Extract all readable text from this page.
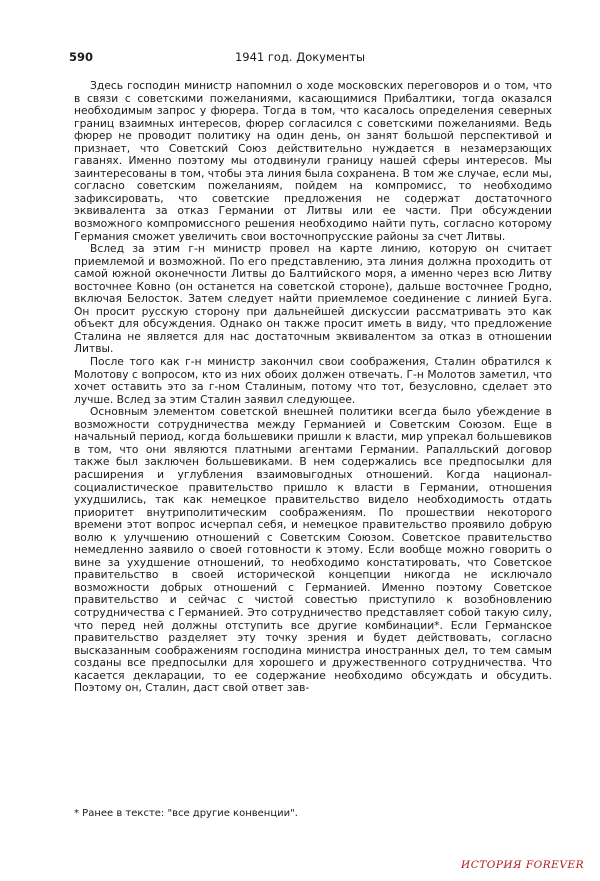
590	1941 год. Документы

Здесь господин министр напомнил о ходе московских переговоров и о том, что в связи с советскими пожеланиями, касающимися Прибалтики, тогда оказался необходимым запрос у фюрера. Тогда в том, что касалось определения северных границ взаимных интересов, фюрер согласился с советскими пожеланиями. Ведь фюрер не проводит политику на один день, он занят большой перспективой и признает, что Советский Союз действительно нуждается в незамерзающих гаванях. Именно поэтому мы отодвинули границу нашей сферы интересов. Мы заинтересованы в том, чтобы эта линия была сохранена. В том же случае, если мы, согласно советским пожеланиям, пойдем на компромисс, то необходимо зафиксировать, что советские предложения не содержат достаточного эквивалента за отказ Германии от Литвы или ее части. При обсуждении возможного компромиссного решения необходимо найти путь, согласно которому Германия сможет увеличить свои восточнопрусские районы за счет Литвы.

Вслед за этим г-н министр провел на карте линию, которую он считает приемлемой и возможной. По его представлению, эта линия должна проходить от самой южной оконечности Литвы до Балтийского моря, а именно через всю Литву восточнее Ковно (он останется на советской стороне), дальше восточнее Гродно, включая Белосток. Затем следует найти приемлемое соединение с линией Буга. Он просит русскую сторону при дальнейшей дискуссии рассматривать это как объект для обсуждения. Однако он также просит иметь в виду, что предложение Сталина не является для нас достаточным эквивалентом за отказ в отношении Литвы.

После того как г-н министр закончил свои соображения, Сталин обратился к Молотову с вопросом, кто из них обоих должен отвечать. Г-н Молотов заметил, что хочет оставить это за г-ном Сталиным, потому что тот, безусловно, сделает это лучше. Вслед за этим Сталин заявил следующее.

Основным элементом советской внешней политики всегда было убеждение в возможности сотрудничества между Германией и Советским Союзом. Еще в начальный период, когда большевики пришли к власти, мир упрекал большевиков в том, что они являются платными агентами Германии. Рапалльский договор также был заключен большевиками. В нем содержались все предпосылки для расширения и углубления взаимовыгодных отношений. Когда национал-социалистическое правительство пришло к власти в Германии, отношения ухудшились, так как немецкое правительство видело необходимость отдать приоритет внутриполитическим соображениям. По прошествии некоторого времени этот вопрос исчерпал себя, и немецкое правительство проявило добрую волю к улучшению отношений с Советским Союзом. Советское правительство немедленно заявило о своей готовности к этому. Если вообще можно говорить о вине за ухудшение отношений, то необходимо констатировать, что Советское правительство в своей исторической концепции никогда не исключало возможности добрых отношений с Германией. Именно поэтому Советское правительство и сейчас с чистой совестью приступило к возобновлению сотрудничества с Германией. Это сотрудничество представляет собой такую силу, что перед ней должны отступить все другие комбинации*. Если Германское правительство разделяет эту точку зрения и будет действовать, согласно высказанным соображениям господина министра иностранных дел, то тем самым созданы все предпосылки для хорошего и дружественного сотрудничества. Что касается декларации, то ее содержание необходимо обсуждать и обсудить. Поэтому он, Сталин, даст свой ответ зав-

* Ранее в тексте: "все другие конвенции".
ИСТОРИЯ FOREVER
